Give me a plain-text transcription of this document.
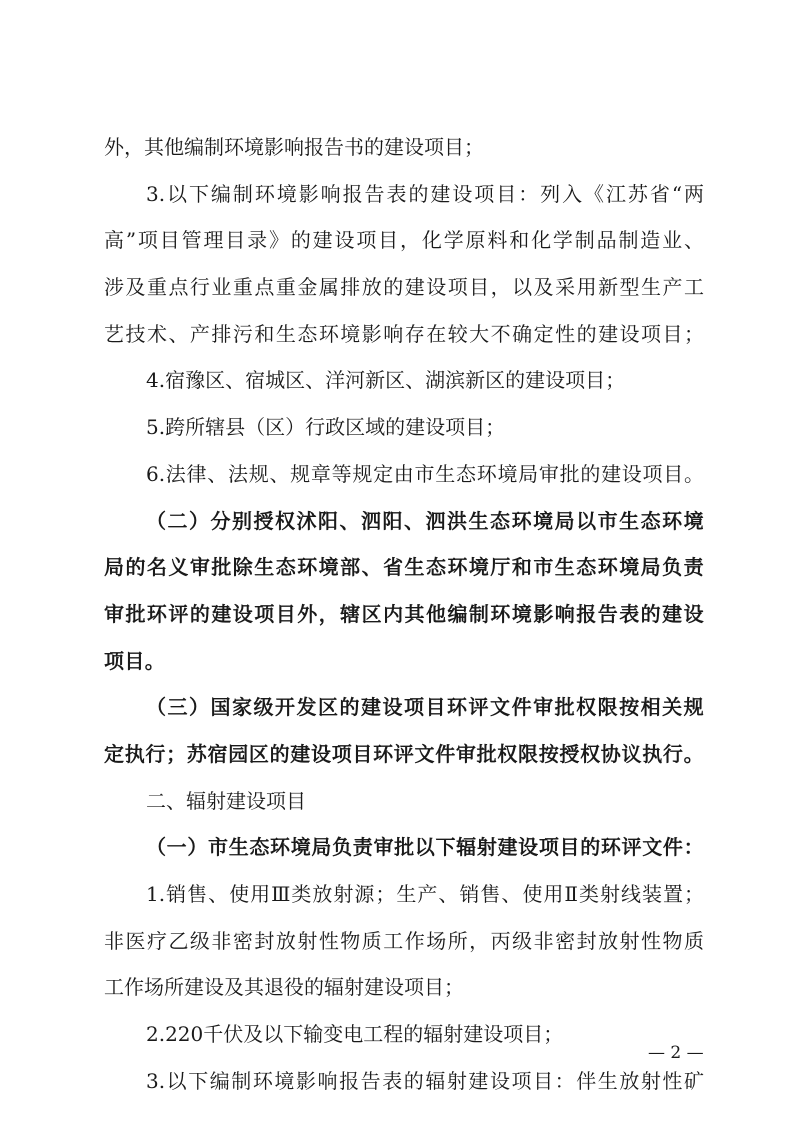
外，其他编制环境影响报告书的建设项目；
3.以下编制环境影响报告表的建设项目：列入《江苏省“两
高”项目管理目录》的建设项目，化学原料和化学制品制造业、
涉及重点行业重点重金属排放的建设项目，以及采用新型生产工
艺技术、产排污和生态环境影响存在较大不确定性的建设项目；
4.宿豫区、宿城区、洋河新区、湖滨新区的建设项目；
5.跨所辖县（区）行政区域的建设项目；
6.法律、法规、规章等规定由市生态环境局审批的建设项目。
（二）分别授权沭阳、泗阳、泗洪生态环境局以市生态环境
局的名义审批除生态环境部、省生态环境厅和市生态环境局负责
审批环评的建设项目外，辖区内其他编制环境影响报告表的建设
项目。
（三）国家级开发区的建设项目环评文件审批权限按相关规
定执行；苏宿园区的建设项目环评文件审批权限按授权协议执行。
二、辐射建设项目
（一）市生态环境局负责审批以下辐射建设项目的环评文件：
1.销售、使用Ⅲ类放射源；生产、销售、使用Ⅱ类射线装置；
非医疗乙级非密封放射性物质工作场所，丙级非密封放射性物质
工作场所建设及其退役的辐射建设项目；
2.220千伏及以下输变电工程的辐射建设项目；
3.以下编制环境影响报告表的辐射建设项目：伴生放射性矿
— 2 —
